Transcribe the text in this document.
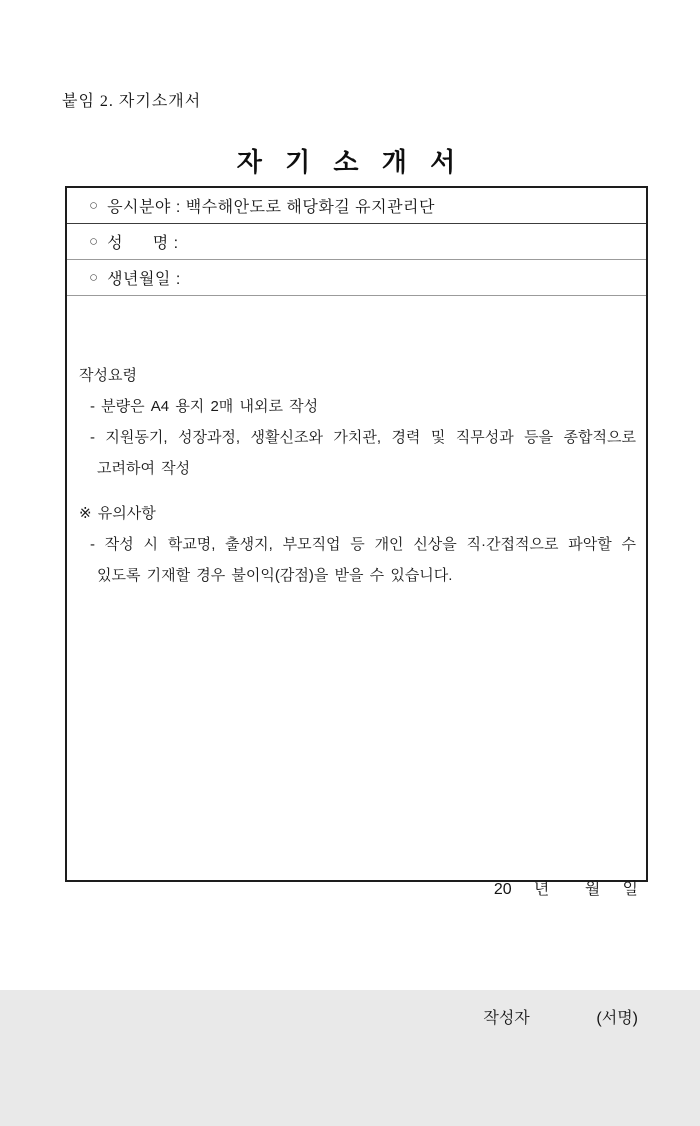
붙임 2. 자기소개서
자 기 소 개 서
○ 응시분야 : 백수해안도로 해당화길 유지관리단
○ 성      명 :
○ 생년월일 :
작성요령
- 분량은 A4 용지 2매 내외로 작성
- 지원동기, 성장과정, 생활신조와 가치관, 경력 및 직무성과 등을 종합적으로
고려하여 작성
※ 유의사항
- 작성 시 학교명, 출생지, 부모직업 등 개인 신상을 직·간접적으로 파악할 수
있도록 기재할 경우 불이익(감점)을 받을 수 있습니다.

20     년        월     일

작성자               (서명)
